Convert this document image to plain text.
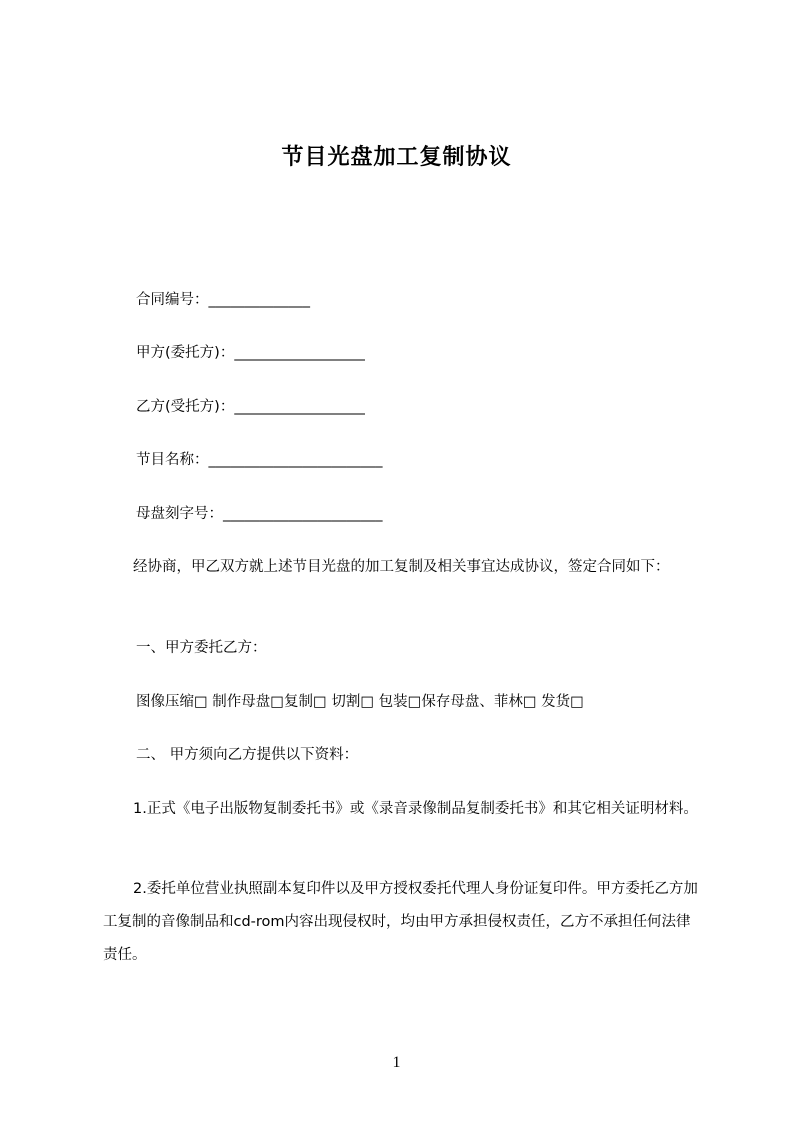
节目光盘加工复制协议
合同编号：______________
甲方(委托方)：__________________
乙方(受托方)：__________________
节目名称：________________________
母盘刻字号：______________________
经协商，甲乙双方就上述节目光盘的加工复制及相关事宜达成协议，签定合同如下：
一、甲方委托乙方：
图像压缩□ 制作母盘□复制□ 切割□ 包装□保存母盘、菲林□ 发货□
二、 甲方须向乙方提供以下资料：
1.正式《电子出版物复制委托书》或《录音录像制品复制委托书》和其它相关证明材料。
2.委托单位营业执照副本复印件以及甲方授权委托代理人身份证复印件。甲方委托乙方加工复制的音像制品和cd-rom内容出现侵权时，均由甲方承担侵权责任，乙方不承担任何法律责任。
1
